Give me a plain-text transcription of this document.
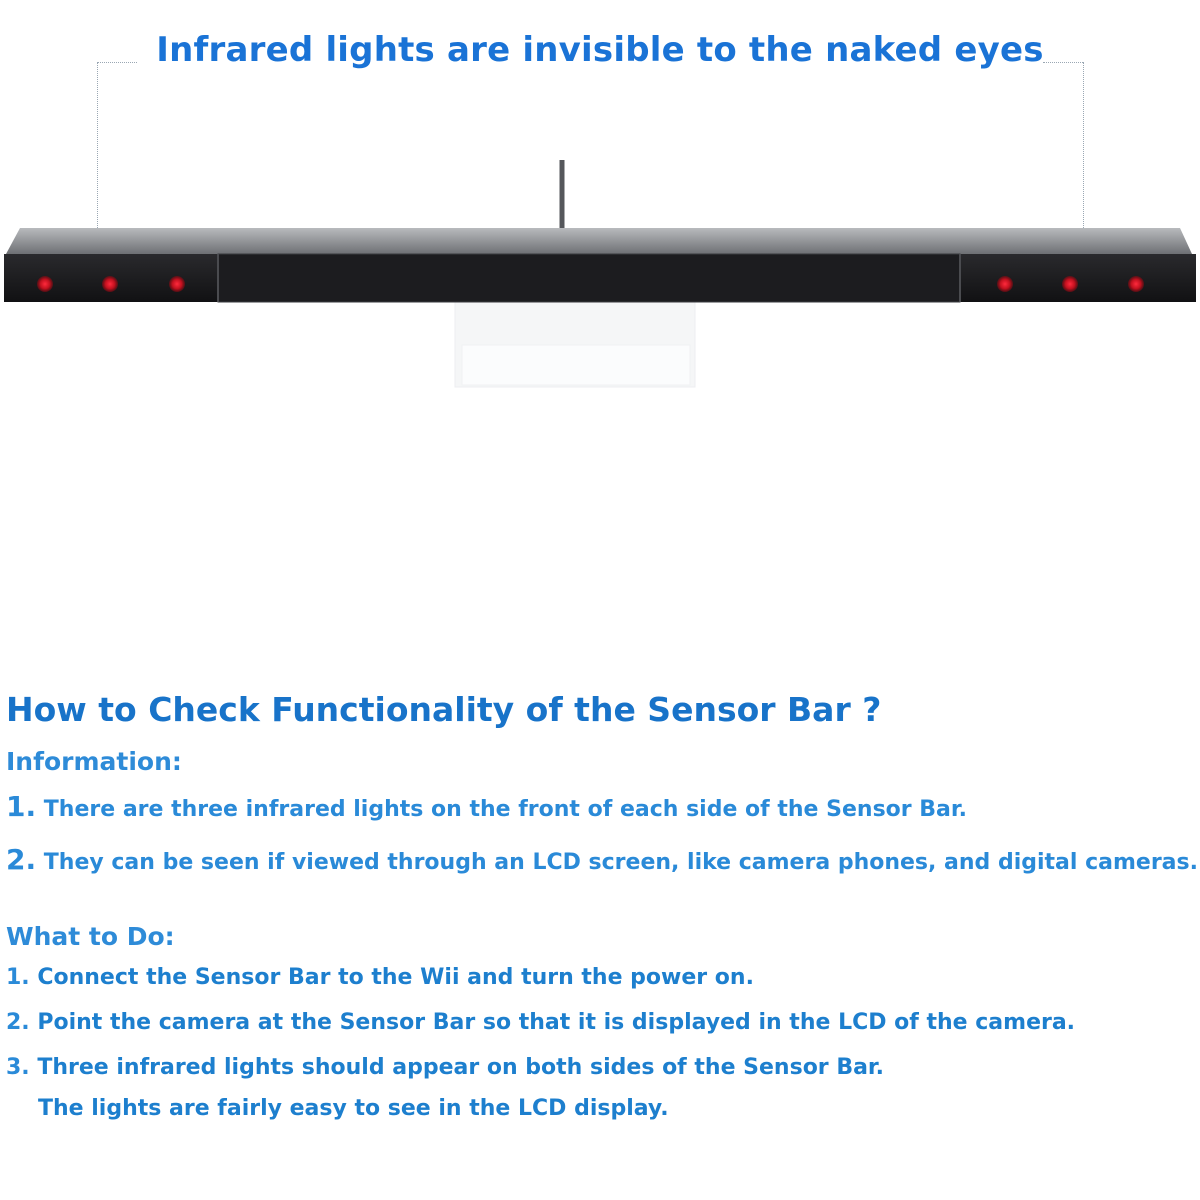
Infrared lights are invisible to the naked eyes
How to Check Functionality of the Sensor Bar ?
Information:
1. There are three infrared lights on the front of each side of the Sensor Bar.
2. They can be seen if viewed through an LCD screen, like camera phones, and digital cameras.
What to Do:
1. Connect the Sensor Bar to the Wii and turn the power on.
2. Point the camera at the Sensor Bar so that it is displayed in the LCD of the camera.
3. Three infrared lights should appear on both sides of the Sensor Bar.
The lights are fairly easy to see in the LCD display.
